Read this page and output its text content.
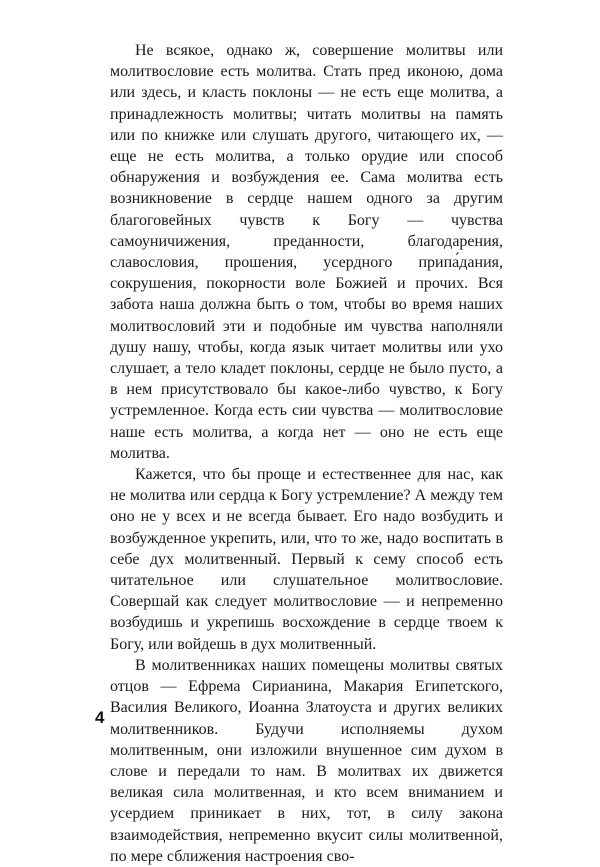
Не всякое, однако ж, совершение молитвы или молитвословие есть молитва. Стать пред иконою, дома или здесь, и класть поклоны — не есть еще молитва, а принадлежность молитвы; читать молитвы на память или по книжке или слушать другого, читающего их, — еще не есть молитва, а только орудие или способ обнаружения и возбуждения ее. Сама молитва есть возникновение в сердце нашем одного за другим благоговейных чувств к Богу — чувства самоуничижения, преданности, благодарения, славословия, прошения, усердного припа́дания, сокрушения, покорности воле Божией и прочих. Вся забота наша должна быть о том, чтобы во время наших молитвословий эти и подобные им чувства наполняли душу нашу, чтобы, когда язык читает молитвы или ухо слушает, а тело кладет поклоны, сердце не было пусто, а в нем присутствовало бы какое-либо чувство, к Богу устремленное. Когда есть сии чувства — молитвословие наше есть молитва, а когда нет — оно не есть еще молитва.

Кажется, что бы проще и естественнее для нас, как не молитва или сердца к Богу устремление? А между тем оно не у всех и не всегда бывает. Его надо возбудить и возбужденное укрепить, или, что то же, надо воспитать в себе дух молитвенный. Первый к сему способ есть читательное или слушательное молитвословие. Совершай как следует молитвословие — и непременно возбудишь и укрепишь восхождение в сердце твоем к Богу, или войдешь в дух молитвенный.

В молитвенниках наших помещены молитвы святых отцов — Ефрема Сирианина, Макария Египетского, Василия Великого, Иоанна Златоуста и других великих молитвенников. Будучи исполняемы духом молитвенным, они изложили внушенное сим духом в слове и передали то нам. В молитвах их движется великая сила молитвенная, и кто всем вниманием и усердием приникает в них, тот, в силу закона взаимодействия, непременно вкусит силы молитвенной, по мере сближения настроения сво-

4
